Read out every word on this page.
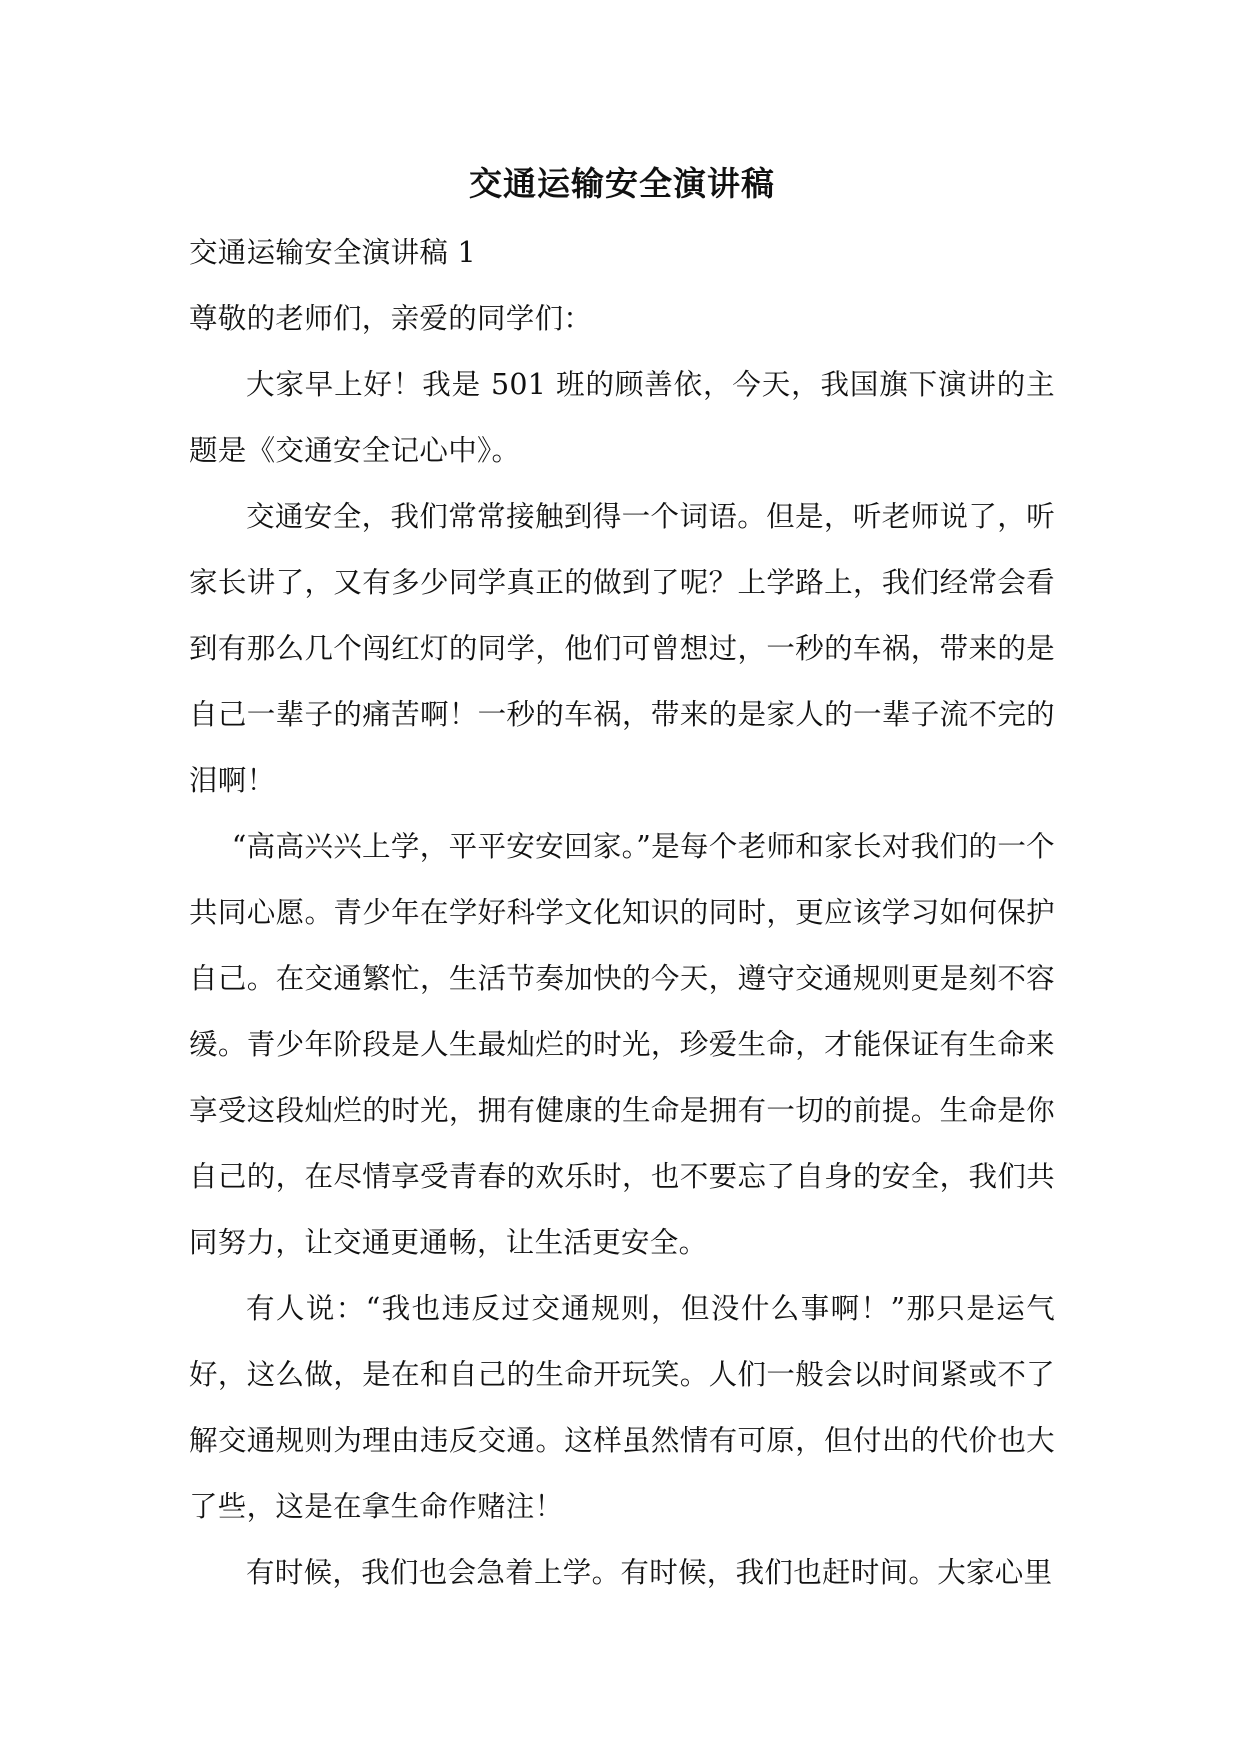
交通运输安全演讲稿

交通运输安全演讲稿 1

尊敬的老师们，亲爱的同学们：

大家早上好！我是 501 班的顾善依，今天，我国旗下演讲的主题是《交通安全记心中》。

交通安全，我们常常接触到得一个词语。但是，听老师说了，听家长讲了，又有多少同学真正的做到了呢？上学路上，我们经常会看到有那么几个闯红灯的同学，他们可曾想过，一秒的车祸，带来的是自己一辈子的痛苦啊！一秒的车祸，带来的是家人的一辈子流不完的泪啊！

“高高兴兴上学，平平安安回家。”是每个老师和家长对我们的一个共同心愿。青少年在学好科学文化知识的同时，更应该学习如何保护自己。在交通繁忙，生活节奏加快的今天，遵守交通规则更是刻不容缓。青少年阶段是人生最灿烂的时光，珍爱生命，才能保证有生命来享受这段灿烂的时光，拥有健康的生命是拥有一切的前提。生命是你自己的，在尽情享受青春的欢乐时，也不要忘了自身的安全，我们共同努力，让交通更通畅，让生活更安全。

有人说：“我也违反过交通规则，但没什么事啊！”那只是运气好，这么做，是在和自己的生命开玩笑。人们一般会以时间紧或不了解交通规则为理由违反交通。这样虽然情有可原，但付出的代价也大了些，这是在拿生命作赌注！

有时候，我们也会急着上学。有时候，我们也赶时间。大家心里
